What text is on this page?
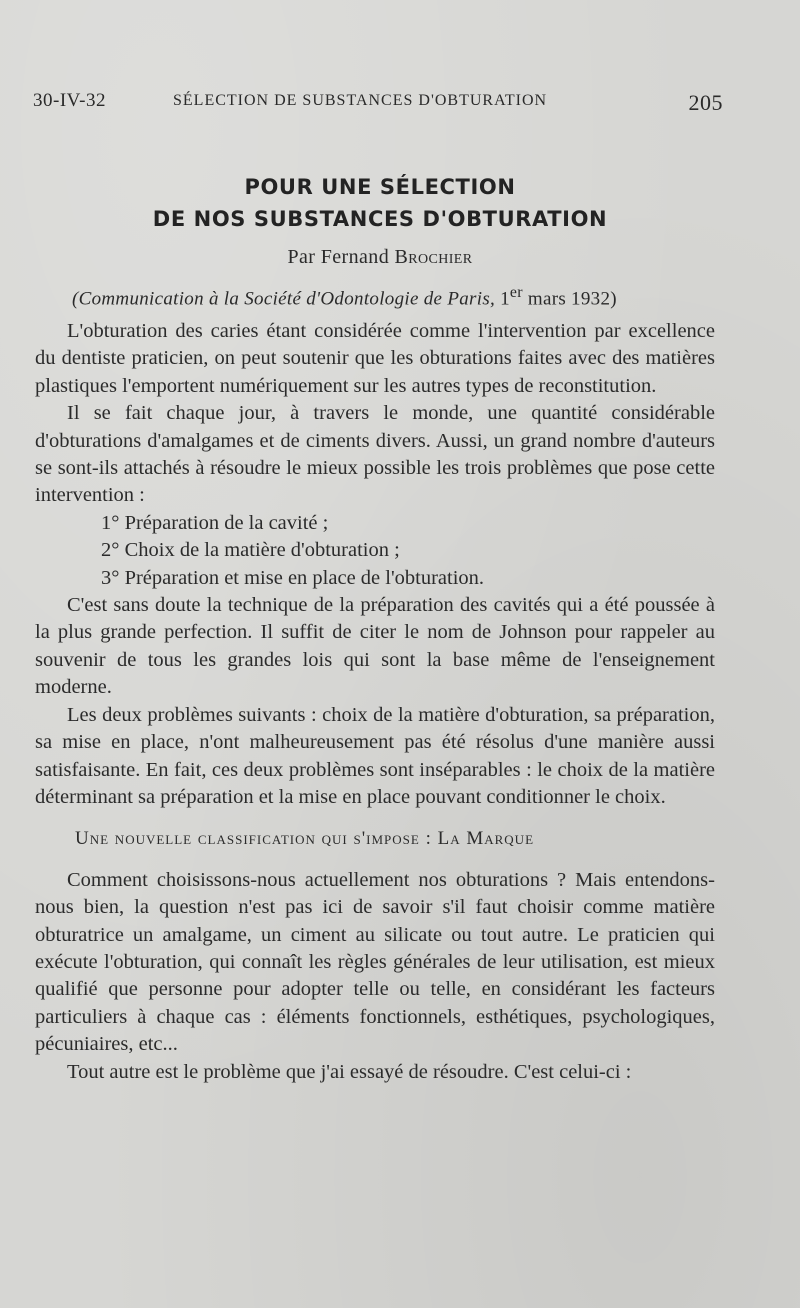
30-IV-32	SÉLECTION DE SUBSTANCES D'OBTURATION	205
POUR UNE SÉLECTION
DE NOS SUBSTANCES D'OBTURATION
Par Fernand Brochier
(Communication à la Société d'Odontologie de Paris, 1er mars 1932)

L'obturation des caries étant considérée comme l'intervention par excellence du dentiste praticien, on peut soutenir que les obturations faites avec des matières plastiques l'emportent numériquement sur les autres types de reconstitution.

Il se fait chaque jour, à travers le monde, une quantité considérable d'obturations d'amalgames et de ciments divers. Aussi, un grand nombre d'auteurs se sont-ils attachés à résoudre le mieux possible les trois problèmes que pose cette intervention :

1° Préparation de la cavité ;

2° Choix de la matière d'obturation ;

3° Préparation et mise en place de l'obturation.

C'est sans doute la technique de la préparation des cavités qui a été poussée à la plus grande perfection. Il suffit de citer le nom de Johnson pour rappeler au souvenir de tous les grandes lois qui sont la base même de l'enseignement moderne.

Les deux problèmes suivants : choix de la matière d'obturation, sa préparation, sa mise en place, n'ont malheureusement pas été résolus d'une manière aussi satisfaisante. En fait, ces deux problèmes sont inséparables : le choix de la matière déterminant sa préparation et la mise en place pouvant conditionner le choix.

Une nouvelle classification qui s'impose : La Marque

Comment choisissons-nous actuellement nos obturations ? Mais entendons-nous bien, la question n'est pas ici de savoir s'il faut choisir comme matière obturatrice un amalgame, un ciment au silicate ou tout autre. Le praticien qui exécute l'obturation, qui connaît les règles générales de leur utilisation, est mieux qualifié que personne pour adopter telle ou telle, en considérant les facteurs particuliers à chaque cas : éléments fonctionnels, esthétiques, psychologiques, pécuniaires, etc...

Tout autre est le problème que j'ai essayé de résoudre. C'est celui-ci :
